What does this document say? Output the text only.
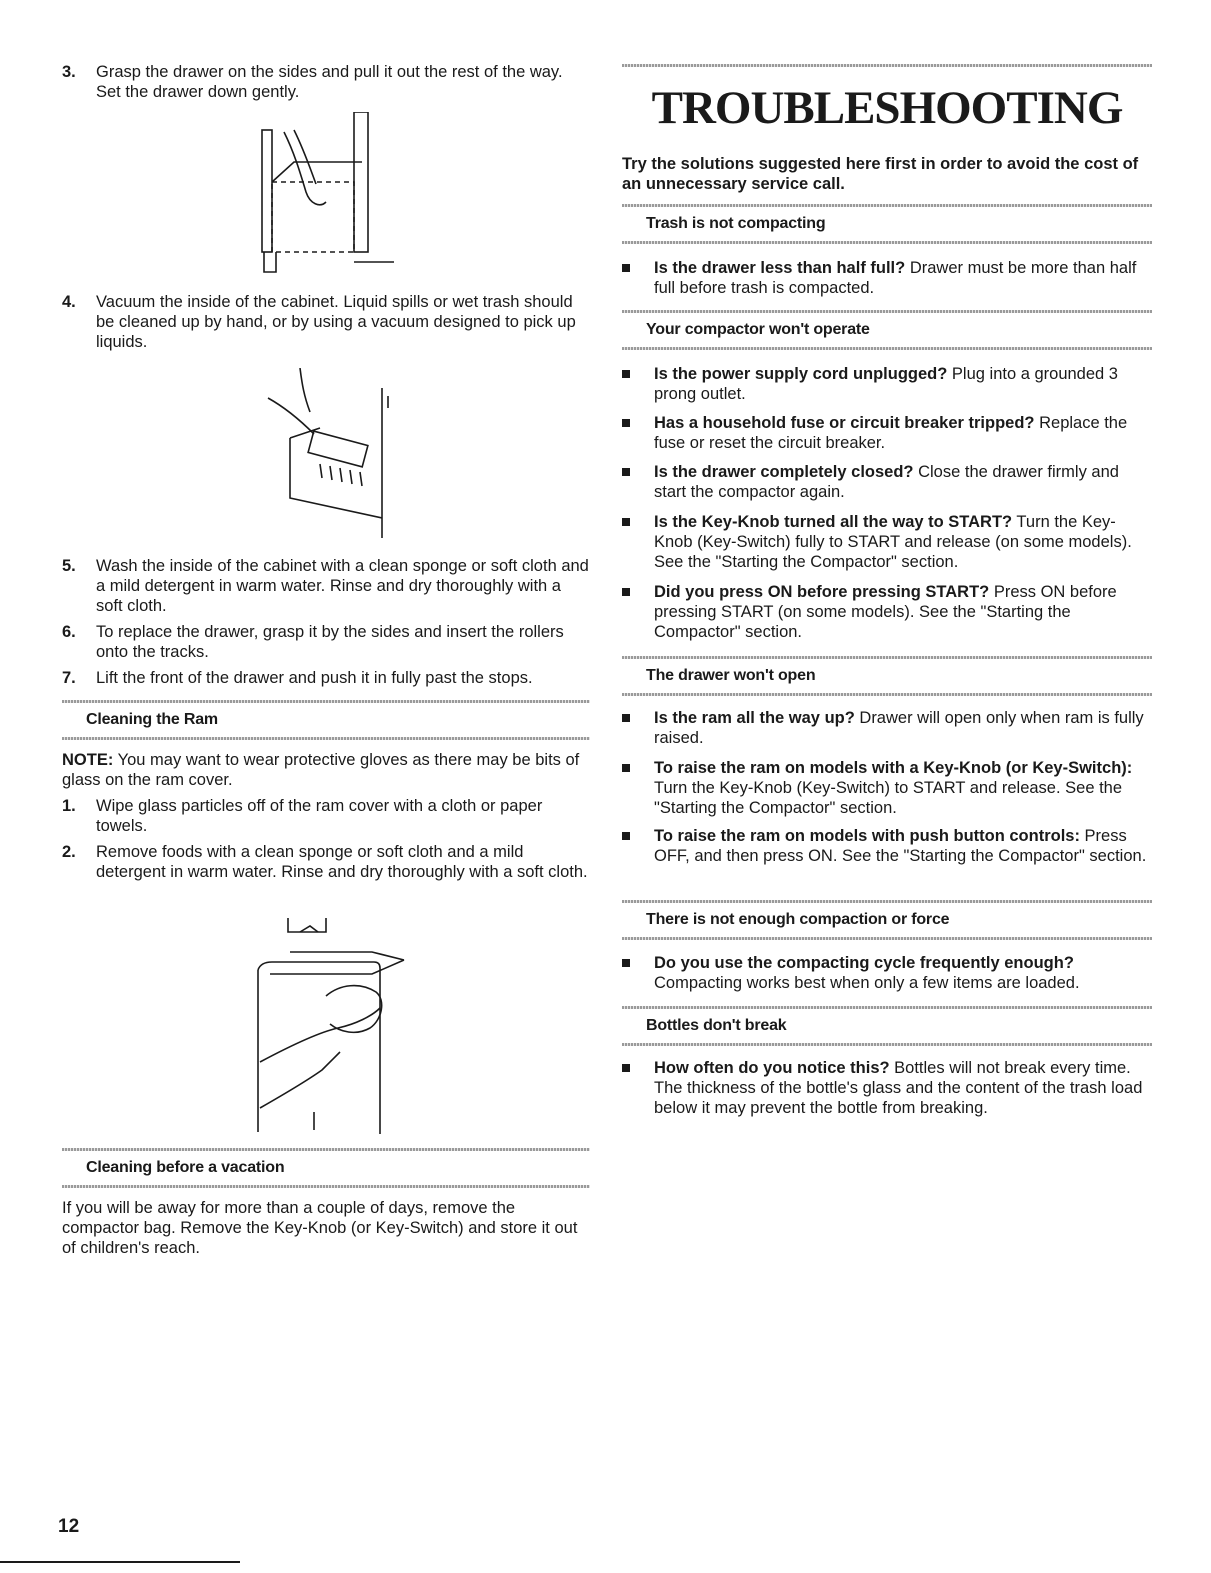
3.	Grasp the drawer on the sides and pull it out the rest of the way. Set the drawer down gently.
4.	Vacuum the inside of the cabinet. Liquid spills or wet trash should be cleaned up by hand, or by using a vacuum designed to pick up liquids.
5.	Wash the inside of the cabinet with a clean sponge or soft cloth and a mild detergent in warm water. Rinse and dry thoroughly with a soft cloth.
6.	To replace the drawer, grasp it by the sides and insert the rollers onto the tracks.
7.	Lift the front of the drawer and push it in fully past the stops.
Cleaning the Ram
NOTE: You may want to wear protective gloves as there may be bits of glass on the ram cover.
1.	Wipe glass particles off of the ram cover with a cloth or paper towels.
2.	Remove foods with a clean sponge or soft cloth and a mild detergent in warm water. Rinse and dry thoroughly with a soft cloth.
Cleaning before a vacation
If you will be away for more than a couple of days, remove the compactor bag. Remove the Key-Knob (or Key-Switch) and store it out of children's reach.
TROUBLESHOOTING
Try the solutions suggested here first in order to avoid the cost of an unnecessary service call.
Trash is not compacting
Is the drawer less than half full? Drawer must be more than half full before trash is compacted.
Your compactor won't operate
Is the power supply cord unplugged? Plug into a grounded 3 prong outlet.
Has a household fuse or circuit breaker tripped? Replace the fuse or reset the circuit breaker.
Is the drawer completely closed? Close the drawer firmly and start the compactor again.
Is the Key-Knob turned all the way to START? Turn the Key-Knob (Key-Switch) fully to START and release (on some models). See the "Starting the Compactor" section.
Did you press ON before pressing START? Press ON before pressing START (on some models). See the "Starting the Compactor" section.
The drawer won't open
Is the ram all the way up? Drawer will open only when ram is fully raised.
To raise the ram on models with a Key-Knob (or Key-Switch): Turn the Key-Knob (Key-Switch) to START and release. See the "Starting the Compactor" section.
To raise the ram on models with push button controls: Press OFF, and then press ON. See the "Starting the Compactor" section.
There is not enough compaction or force
Do you use the compacting cycle frequently enough? Compacting works best when only a few items are loaded.
Bottles don't break
How often do you notice this? Bottles will not break every time. The thickness of the bottle's glass and the content of the trash load below it may prevent the bottle from breaking.
12
